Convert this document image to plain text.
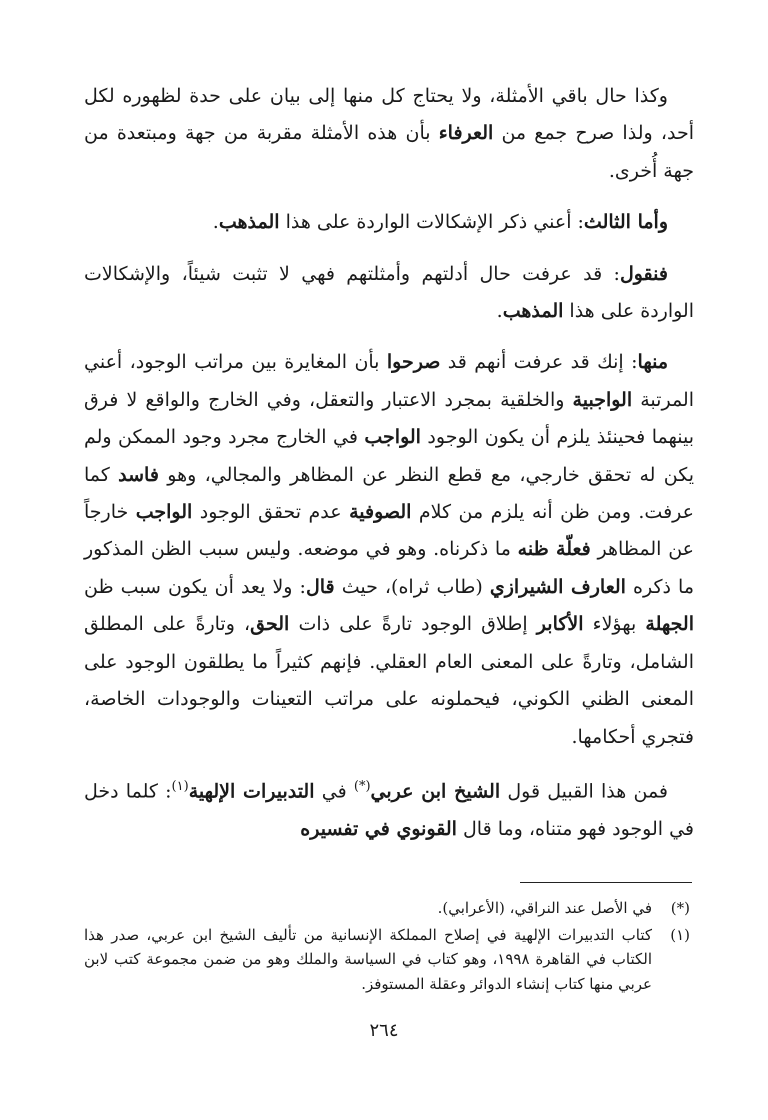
وكذا حال باقي الأمثلة، ولا يحتاج كل منها إلى بيان على حدة لظهوره لكل أحد، ولذا صرح جمع من العرفاء بأن هذه الأمثلة مقربة من جهة ومبتعدة من جهة أُخرى.

وأما الثالث: أعني ذكر الإشكالات الواردة على هذا المذهب.

فنقول: قد عرفت حال أدلتهم وأمثلتهم فهي لا تثبت شيئاً، والإشكالات الواردة على هذا المذهب.

منها: إنك قد عرفت أنهم قد صرحوا بأن المغايرة بين مراتب الوجود، أعني المرتبة الواجبية والخلقية بمجرد الاعتبار والتعقل، وفي الخارج والواقع لا فرق بينهما فحينئذ يلزم أن يكون الوجود الواجب في الخارج مجرد وجود الممكن ولم يكن له تحقق خارجي، مع قطع النظر عن المظاهر والمجالي، وهو فاسد كما عرفت. ومن ظن أنه يلزم من كلام الصوفية عدم تحقق الوجود الواجب خارجاً عن المظاهر فعلّة ظنه ما ذكرناه. وهو في موضعه. وليس سبب الظن المذكور ما ذكره العارف الشيرازي (طاب ثراه)، حيث قال: ولا يعد أن يكون سبب ظن الجهلة بهؤلاء الأكابر إطلاق الوجود تارةً على ذات الحق، وتارةً على المطلق الشامل، وتارةً على المعنى العام العقلي. فإنهم كثيراً ما يطلقون الوجود على المعنى الظني الكوني، فيحملونه على مراتب التعينات والوجودات الخاصة، فتجري أحكامها.

فمن هذا القبيل قول الشيخ ابن عربي(*) في التدبيرات الإلهية$^{(١)}$: كلما دخل في الوجود فهو متناه، وما قال القونوي في تفسيره

(*)
في الأصل عند النراقي، (الأعرابي).
(١)
كتاب التدبيرات الإلهية في إصلاح المملكة الإنسانية من تأليف الشيخ ابن عربي، صدر هذا الكتاب في القاهرة ١٩٩٨، وهو كتاب في السياسة والملك وهو من ضمن مجموعة كتب لابن عربي منها كتاب إنشاء الدوائر وعقلة المستوفز.
٢٦٤
